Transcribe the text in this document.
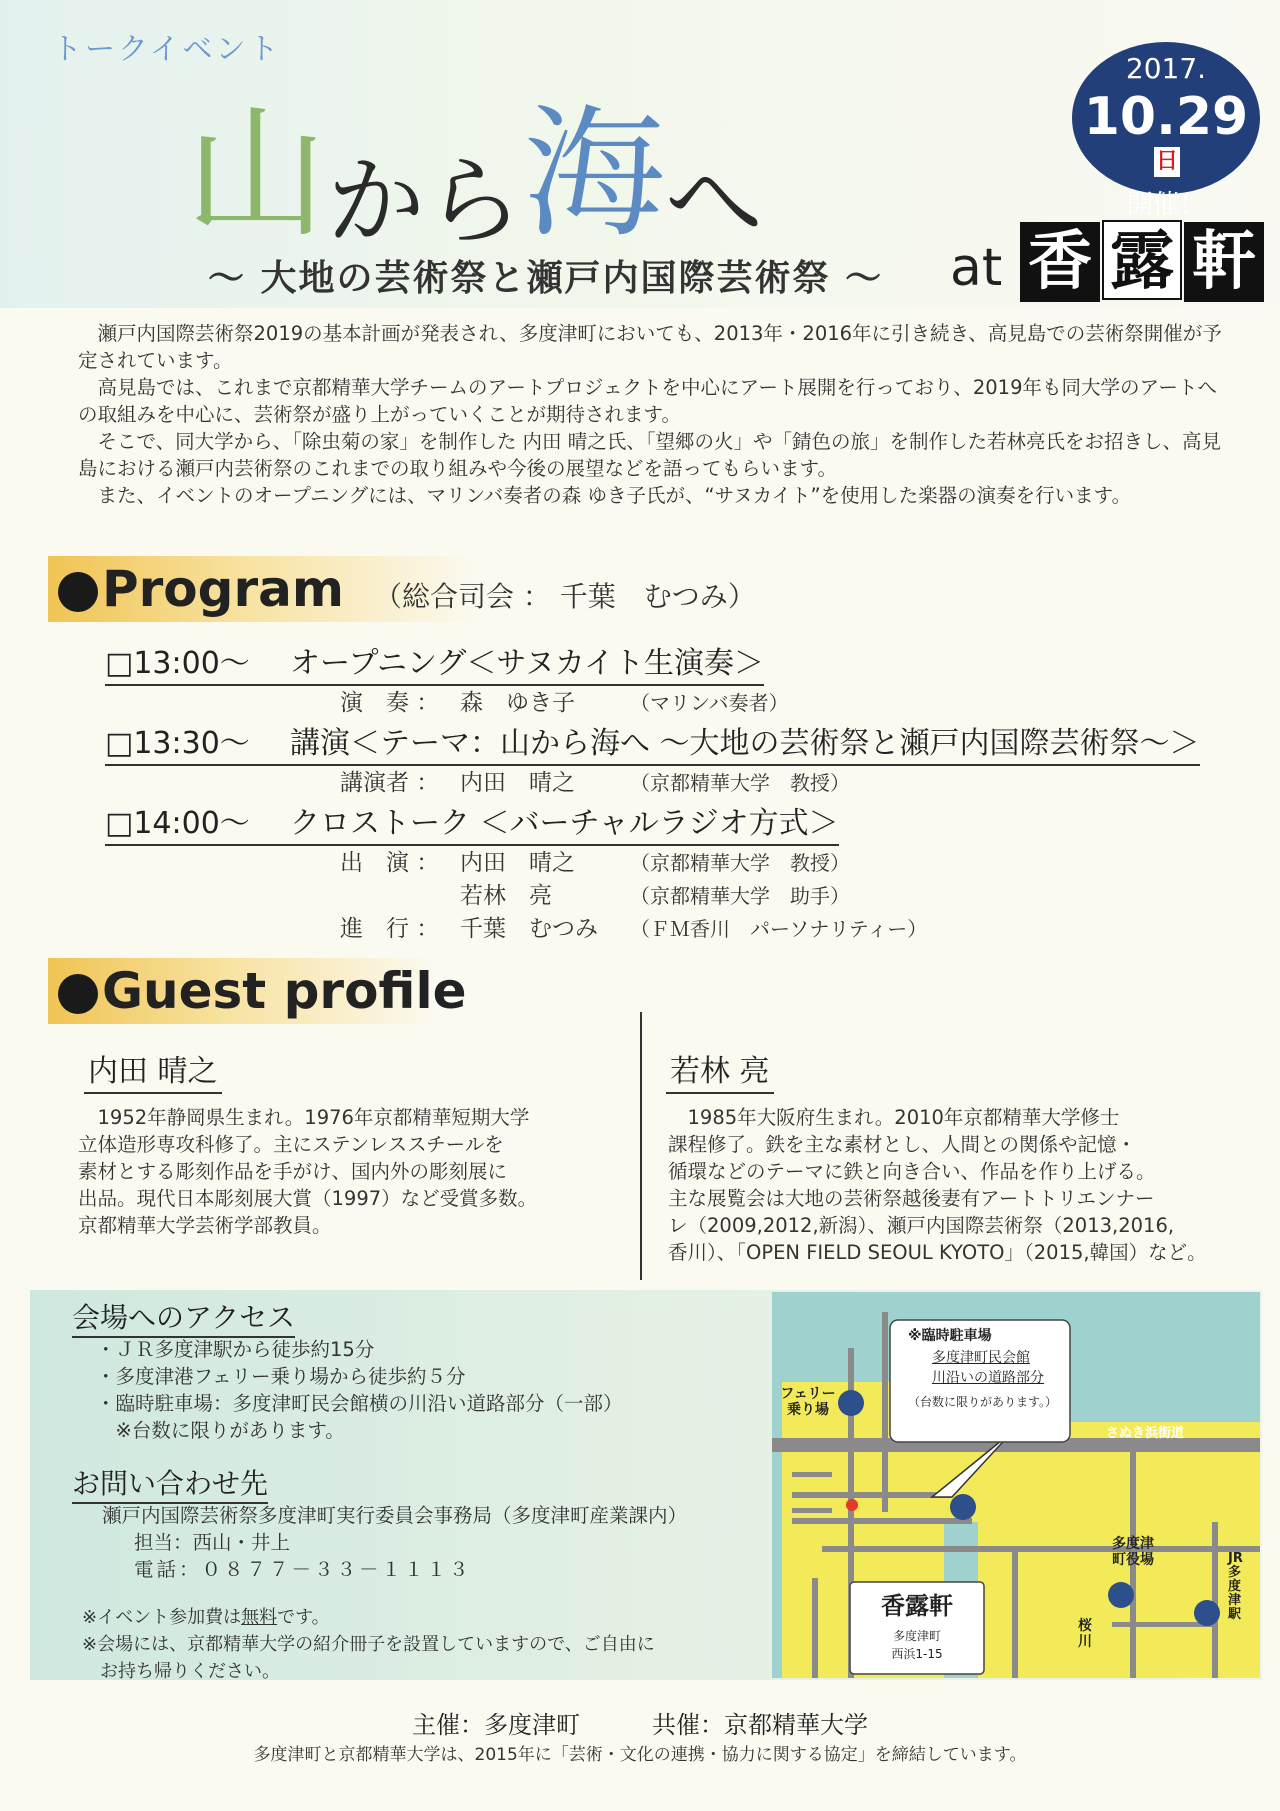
トークイベント
山から海へ
～ 大地の芸術祭と瀬戸内国際芸術祭 ～ at
2017.
10.29日
開催！
香 露 軒

瀬戸内国際芸術祭2019の基本計画が発表され、多度津町においても、2013年・2016年に引き続き、高見島での芸術祭開催が予定されています。

高見島では、これまで京都精華大学チームのアートプロジェクトを中心にアート展開を行っており、2019年も同大学のアートへの取組みを中心に、芸術祭が盛り上がっていくことが期待されます。

そこで、同大学から、「除虫菊の家」を制作した 内田 晴之氏、「望郷の火」や「錆色の旅」を制作した若林亮氏をお招きし、高見島における瀬戸内芸術祭のこれまでの取り組みや今後の展望などを語ってもらいます。

また、イベントのオープニングには、マリンバ奏者の森 ゆき子氏が、“サヌカイト”を使用した楽器の演奏を行います。

Program （総合司会 ： 千葉　むつみ）
□13:00～ オープニング＜サヌカイト生演奏＞
演　奏 ： 森　ゆき子	（マリンバ奏者）
□13:30～ 講演＜テーマ：山から海へ ～大地の芸術祭と瀬戸内国際芸術祭～＞
講演者 ： 内田　晴之	（京都精華大学　教授）
□14:00～ クロストーク ＜バーチャルラジオ方式＞
出　演 ： 内田　晴之	（京都精華大学　教授）
若林　亮	（京都精華大学　助手）
進　行 ： 千葉　むつみ （ＦＭ香川　パーソナリティー）
Guest profile
内田 晴之

　1952年静岡県生まれ。1976年京都精華短期大学

立体造形専攻科修了。主にステンレススチールを

素材とする彫刻作品を手がけ、国内外の彫刻展に

出品。現代日本彫刻展大賞（1997）など受賞多数。

京都精華大学芸術学部教員。

若林 亮

　1985年大阪府生まれ。2010年京都精華大学修士

課程修了。鉄を主な素材とし、人間との関係や記憶・

循環などのテーマに鉄と向き合い、作品を作り上げる。

主な展覧会は大地の芸術祭越後妻有アートトリエンナー

レ（2009,2012,新潟）、瀬戸内国際芸術祭（2013,2016,

香川）、「OPEN FIELD SEOUL KYOTO」（2015,韓国）など。

会場へのアクセス
・ＪＲ多度津駅から徒歩約15分
・多度津港フェリー乗り場から徒歩約５分
・臨時駐車場：多度津町民会館横の川沿い道路部分（一部）
　※台数に限りがあります。
お問い合わせ先
瀬戸内国際芸術祭多度津町実行委員会事務局（多度津町産業課内）
担当：西山・井上
電話：０８７７－３３－１１１３
※イベント参加費は無料です。
※会場には、京都精華大学の紹介冊子を設置していますので、ご自由に
　お持ち帰りください。
フェリー
乗り場
さぬき浜街道
多度津
町役場	JR多度津駅
桜川
※臨時駐車場
多度津町民会館
川沿いの道路部分
（台数に限りがあります。）
香露軒
多度津町
西浜1-15
主催：多度津町　　　共催：京都精華大学
多度津町と京都精華大学は、2015年に「芸術・文化の連携・協力に関する協定」を締結しています。
